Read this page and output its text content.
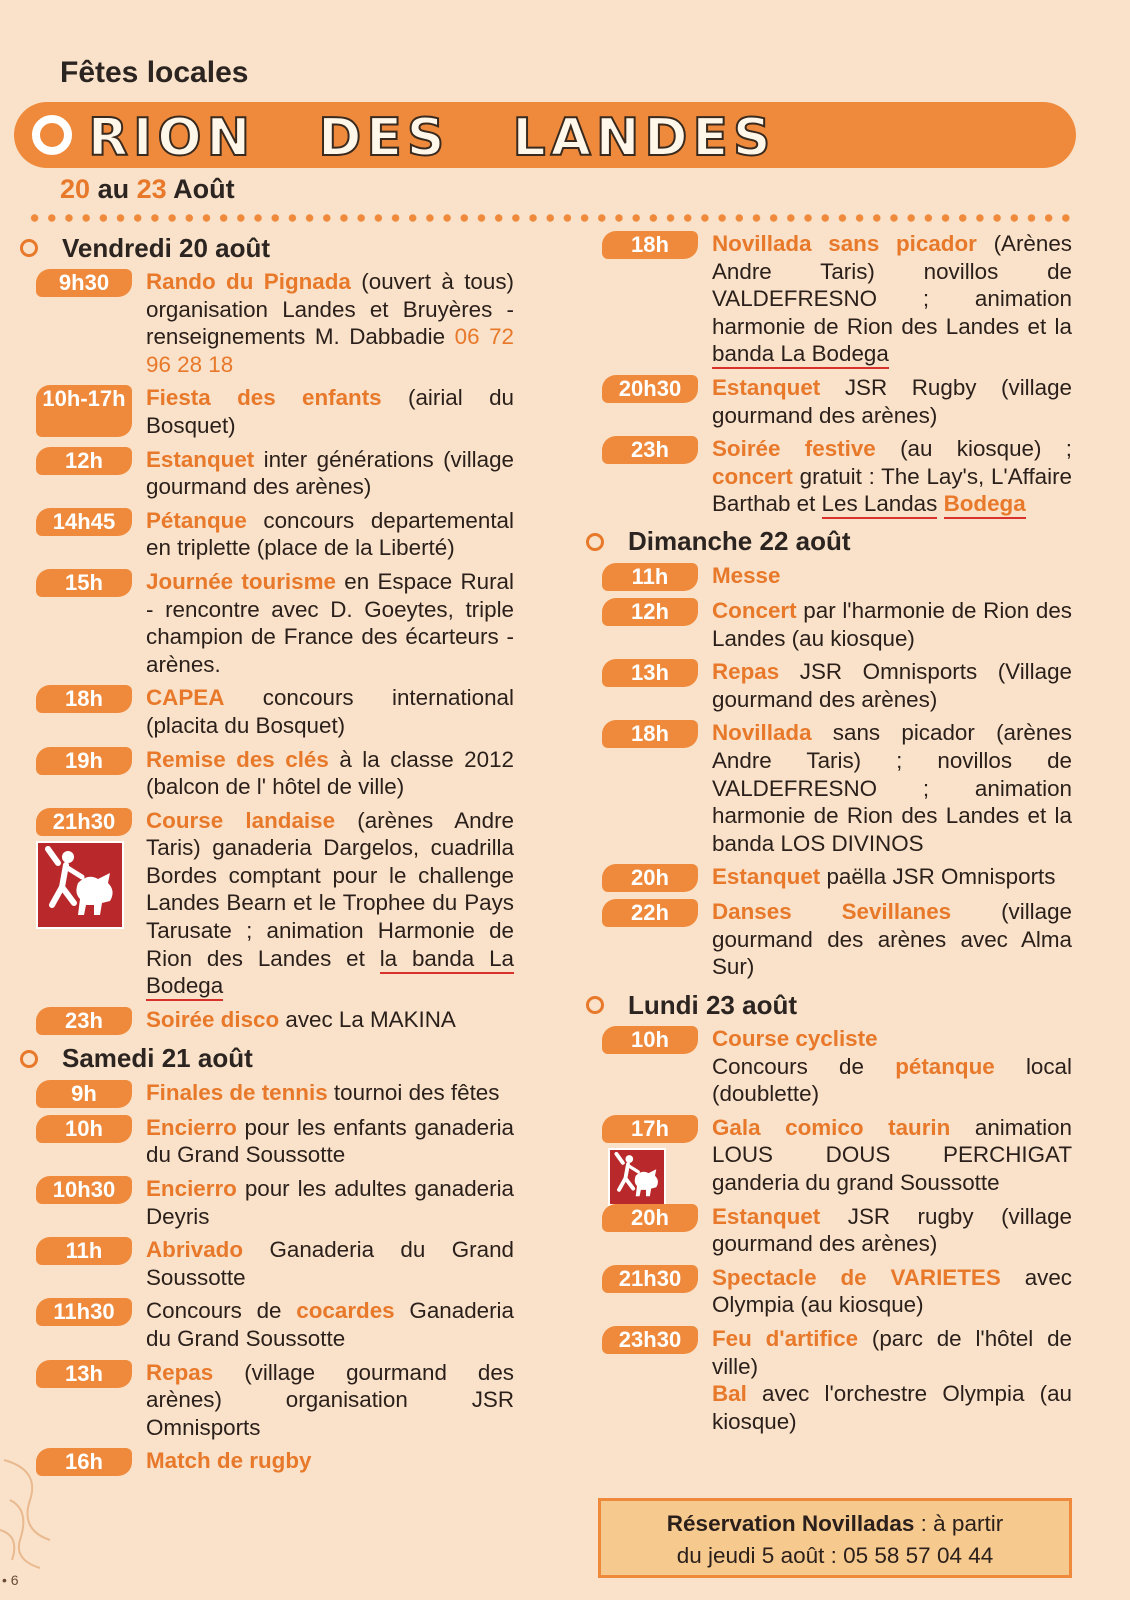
Fêtes locales
RION DES LANDES
20 au 23 Août
Vendredi 20 août
9h30	Rando du Pignada (ouvert à tous) organisation Landes et Bruyères - renseignements M. Dabbadie 06 72 96 28 18
10h-17h Fiesta des enfants (airial du Bosquet)
12h	Estanquet inter générations (village gourmand des arènes)
14h45	Pétanque concours departemental en triplette (place de la Liberté)
15h	Journée tourisme en Espace Rural - rencontre avec D. Goeytes, triple champion de France des écarteurs - arènes.
18h	CAPEA concours international (placita du Bosquet)
19h	Remise des clés à la classe 2012 (balcon de l' hôtel de ville)
21h30	Course landaise (arènes Andre Taris) ganaderia Dargelos, cuadrilla Bordes comptant pour le challenge Landes Bearn et le Trophee du Pays Tarusate ; animation Harmonie de Rion des Landes et la banda La Bodega
23h	Soirée disco avec La MAKINA
Samedi 21 août
9h	Finales de tennis tournoi des fêtes
10h	Encierro pour les enfants ganaderia du Grand Soussotte
10h30	Encierro pour les adultes ganaderia Deyris
11h	Abrivado Ganaderia du Grand Soussotte
11h30	Concours de cocardes Ganaderia du Grand Soussotte
13h	Repas (village gourmand des arènes) organisation JSR Omnisports
16h	Match de rugby
18h	Novillada sans picador (Arènes Andre Taris) novillos de VALDEFRESNO ; animation harmonie de Rion des Landes et la banda La Bodega
20h30	Estanquet JSR Rugby (village gourmand des arènes)
23h	Soirée festive (au kiosque) ; concert gratuit : The Lay's, L'Affaire Barthab et Les Landas Bodega
Dimanche 22 août
11h	Messe
12h	Concert par l'harmonie de Rion des Landes (au kiosque)
13h	Repas JSR Omnisports (Village gourmand des arènes)
18h	Novillada sans picador (arènes Andre Taris) ; novillos de VALDEFRESNO ; animation harmonie de Rion des Landes et la banda LOS DIVINOS
20h	Estanquet paëlla JSR Omnisports
22h	Danses Sevillanes (village gourmand des arènes avec Alma Sur)
Lundi 23 août
10h	Course cycliste
Concours de pétanque local (doublette)
17h	Gala comico taurin animation LOUS DOUS PERCHIGAT ganderia du grand Soussotte
20h	Estanquet JSR rugby (village gourmand des arènes)
21h30	Spectacle de VARIETES avec Olympia (au kiosque)
23h30	Feu d'artifice (parc de l'hôtel de ville)
Bal avec l'orchestre Olympia (au kiosque)
Réservation Novilladas : à partir
du jeudi 5 août : 05 58 57 04 44
• 6
